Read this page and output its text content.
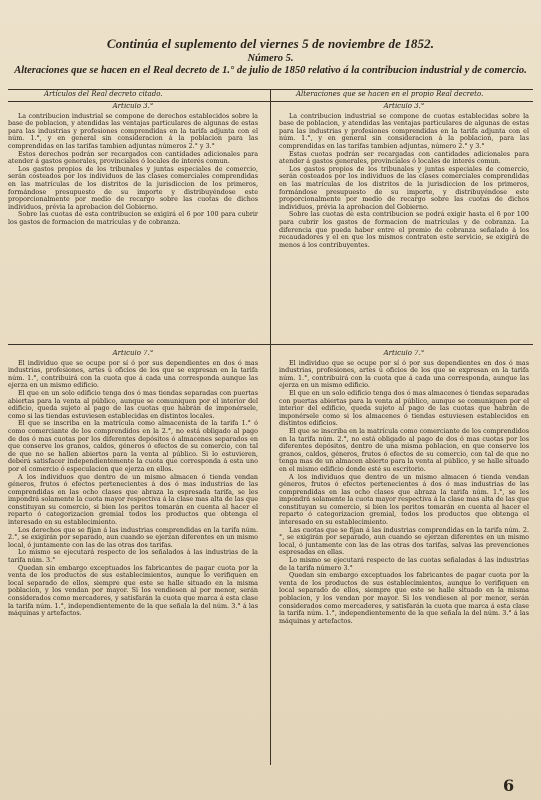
Continúa el suplemento del viernes 5 de noviembre de 1852.
Número 5.
Alteraciones que se hacen en el Real decreto de 1.° de julio de 1850 relativo á la contribucion industrial y de comercio.
Artículos del Real decreto citado.	Alteraciones que se hacen en el propio Real decreto.
Artículo 3.°

La contribucion industrial se compone de derechos establecidos sobre la base de poblacion, y atendidas las ventajas particulares de algunas de estas para las industrias y profesiones comprendidas en la tarifa adjunta con el núm. 1.°, y en general sin consideracion á la poblacion para las comprendidas en las tarifas tambien adjuntas números 2.° y 3.°

Estos derechos podrán ser recargados con cantidades adicionales para atender á gastos generales, provinciales ó locales de interés comun.

Los gastos propios de los tribunales y juntas especiales de comercio, serán costeados por los individuos de las clases comerciales comprendidas en las matrículas de los distritos de la jurisdiccion de los primeros, formándose presupuesto de su importe y distribuyéndose este proporcionalmente por medio de recargo sobre las cuotas de dichos individuos, prévia la aprobacion del Gobierno.

Sobre las cuotas de esta contribucion se exigirá el 6 por 100 para cubrir los gastos de formacion de matrículas y de cobranza.

Artículo 3.°

La contribucion industrial se compone de cuotas establecidas sobre la base de poblacion, y atendidas las ventajas particulares de algunas de estas para las industrias y profesiones comprendidas en la tarifa adjunta con el núm. 1.°, y en general sin consideracion á la poblacion, para las comprendidas en las tarifas tambien adjuntas, número 2.° y 3.°

Estas cuotas podrán ser recargadas con cantidades adicionales para atender á gastos generales, provinciales ó locales de interés comun.

Los gastos propios de los tribunales y juntas especiales de comercio, serán costeados por los individuos de las clases comerciales comprendidas en las matrículas de los distritos de la jurisdiccion de los primeros, formándose presupuesto de su importe, y distribuyéndose este proporcionalmente por medio de recargo sobre las cuotas de dichos individuos, prévia la aprobacion del Gobierno.

Sobre las cuotas de esta contribucion se podrá exigir hasta el 6 por 100 para cubrir los gastos de formacion de matrículas y de cobranza. La diferencia que pueda haber entre el premio de cobranza señalado á los recaudadores y el en que los mismos contraten este servicio, se exigirá de menos á los contribuyentes.

Artículo 7.°

El individuo que se ocupe por sí ó por sus dependientes en dos ó mas industrias, profesiones, artes ú oficios de los que se expresan en la tarifa núm. 1.°, contribuirá con la cuota que á cada una corresponda aunque las ejerza en un mismo edificio.

El que en un solo edificio tenga dos ó mas tiendas separadas con puertas abiertas para la venta al público, aunque se comuniquen por el interior del edificio, queda sujeto al pago de las cuotas que habrán de imponérsele, como si las tiendas estuviesen establecidas en distintos locales.

El que se inscriba en la matrícula como almacenista de la tarifa 1.° ó como comerciante de los comprendidos en la 2.°, no está obligado al pago de dos ó mas cuotas por los diferentes depósitos ó almacenes separados en que conserve los granos, caldos, géneros ó efectos de su comercio, con tal de que no se hallen abiertos para la venta al público. Si lo estuvieren, deberá satisfacer independientemente la cuota que corresponda á esta uno por el comercio ó especulacion que ejerza en ellos.

A los individuos que dentro de un mismo almacen ó tienda vendan géneros, frutos ó efectos pertenecientes á dos ó mas industrias de las comprendidas en las ocho clases que abraza la espresada tarifa, se les impondrá solamente la cuota mayor respectiva á la clase mas alta de las que constituyan su comercio, si bien los peritos tomarán en cuenta al hacer el reparto ó categorizacion gremial todos los productos que obtenga el interesado en su establecimiento.

Los derechos que se fijan á las industrias comprendidas en la tarifa núm. 2.°, se exigirán por separado, aun cuando se ejerzan diferentes en un mismo local, ó juntamente con las de las otras dos tarifas.

Lo mismo se ejecutará respecto de los señalados á las industrias de la tarifa núm. 3.°

Quedan sin embargo exceptuados los fabricantes de pagar cuota por la venta de los productos de sus establecimientos, aunque lo verifiquen en local separado de ellos, siempre que este se halle situado en la misma poblacion, y los vendan por mayor. Si los vendiesen al por menor, serán considerados como mercaderes, y satisfarán la cuota que marca á esta clase la tarifa núm. 1.°, independientemente de la que señala la del núm. 3.° á las máquinas y artefactos.

Artículo 7.°

El individuo que se ocupe por sí ó por sus dependientes en dos ó mas industrias, profesiones, artes ú oficios de los que se expresan en la tarifa núm. 1.°, contribuirá con la cuota que á cada una corresponda, aunque las ejerza en un mismo edificio.

El que en un solo edificio tenga dos ó mas almacenes ó tiendas separadas con puertas abiertas para la venta al público, aunque se comuniquen por el interior del edificio, queda sujeto al pago de las cuotas que habrán de imponérsele como si los almacenes ó tiendas estuviesen establecidos en distintos edificios.

El que se inscriba en la matrícula como comerciante de los comprendidos en la tarifa núm. 2.°, no está obligado al pago de dos ó mas cuotas por los diferentes depósitos, dentro de una misma poblacion, en que conserve los granos, caldos, géneros, frutos ó efectos de su comercio, con tal de que no tenga mas de un almacen abierto para la venta al público, y se halle situado en el mismo edificio donde esté su escritorio.

A los individuos que dentro de un mismo almacen ó tienda vendan géneros, frutos ó efectos pertenecientes á dos ó mas industrias de las comprendidas en las ocho clases que abraza la tarifa núm. 1.°, se les impondrá solamente la cuota mayor respectiva á la clase mas alta de las que constituyan su comercio, si bien los peritos tomarán en cuenta al hacer el reparto ó categorizacion gremial, todos los productos que obtenga el interesado en su establecimiento.

Las cuotas que se fijan á las industrias comprendidas en la tarifa núm. 2.°, se exigirán por separado, aun cuando se ejerzan diferentes en un mismo local, ó juntamente con las de las otras dos tarifas, salvas las prevenciones espresadas en ellas.

Lo mismo se ejecutará respecto de las cuotas señaladas á las industrias de la tarifa número 3.°

Quedan sin embargo exceptuados los fabricantes de pagar cuota por la venta de los productos de sus establecimientos, aunque lo verifiquen en local separado de ellos, siempre que este se halle situado en la misma poblacion, y los vendan por mayor. Si los vendiesen al por menor, serán considerados como mercaderes, y satisfarán la cuota que marca á esta clase la tarifa núm. 1.°, independientemente de la que señala la del núm. 3.° á las máquinas y artefactos.

6
